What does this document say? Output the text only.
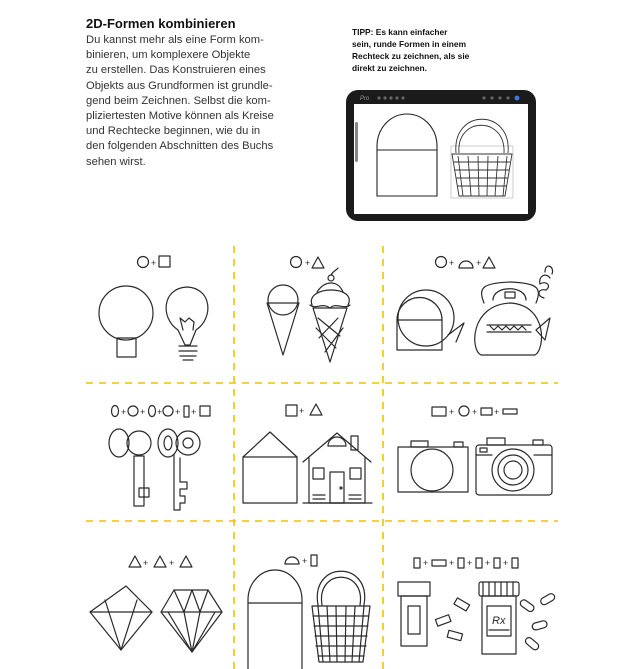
2D-Formen kombinieren
Du kannst mehr als eine Form kom-
binieren, um komplexere Objekte
zu erstellen. Das Konstruieren eines
Objekts aus Grundformen ist grundle-
gend beim Zeichnen. Selbst die kom-
pliziertesten Motive können als Kreise
und Rechtecke beginnen, wie du in
den folgenden Abschnitten des Buchs
sehen wirst.
TIPP: Es kann einfacher
sein, runde Formen in einem
Rechteck zu zeichnen, als sie
direkt zu zeichnen.
Pro
+	+	+ +
+ + + + +	+	+ + +
+ +	+	+ + + + +
Rx
